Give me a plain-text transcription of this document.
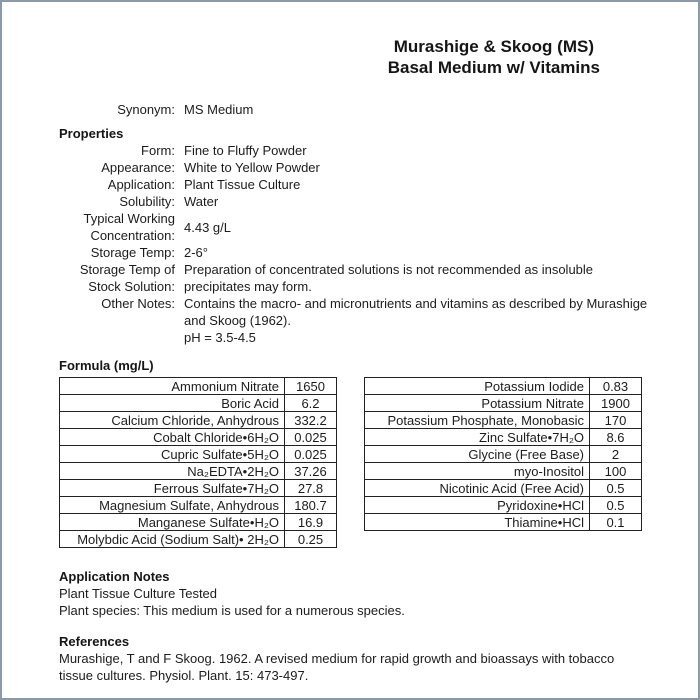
Murashige & Skoog (MS)
Basal Medium w/ Vitamins
Synonym: MS Medium
Properties
Form: Fine to Fluffy Powder
Appearance: White to Yellow Powder
Application: Plant Tissue Culture
Solubility: Water
Typical Working Concentration:
4.43 g/L
Storage Temp: 2-6°
Storage Temp of Stock Solution:
Preparation of concentrated solutions is not recommended as insoluble precipitates may form.
Other Notes: Contains the macro- and micronutrients and vitamins as described by Murashige and Skoog (1962).
pH = 3.5-4.5
Formula (mg/L)
Ammonium Nitrate	1650
Boric Acid	6.2
Calcium Chloride, Anhydrous	332.2
Cobalt Chloride•6H₂O	0.025
Cupric Sulfate•5H₂O	0.025
Na₂EDTA•2H₂O	37.26
Ferrous Sulfate•7H₂O	27.8
Magnesium Sulfate, Anhydrous	180.7
Manganese Sulfate•H₂O	16.9
Molybdic Acid (Sodium Salt)• 2H₂O	0.25
Potassium Iodide	0.83
Potassium Nitrate	1900
Potassium Phosphate, Monobasic	170
Zinc Sulfate•7H₂O	8.6
Glycine (Free Base)	2
myo-Inositol	100
Nicotinic Acid (Free Acid)	0.5
Pyridoxine•HCl	0.5
Thiamine•HCl	0.1
Application Notes
Plant Tissue Culture Tested
Plant species: This medium is used for a numerous species.
References
Murashige, T and F Skoog. 1962. A revised medium for rapid growth and bioassays with tobacco tissue cultures. Physiol. Plant. 15: 473-497.
